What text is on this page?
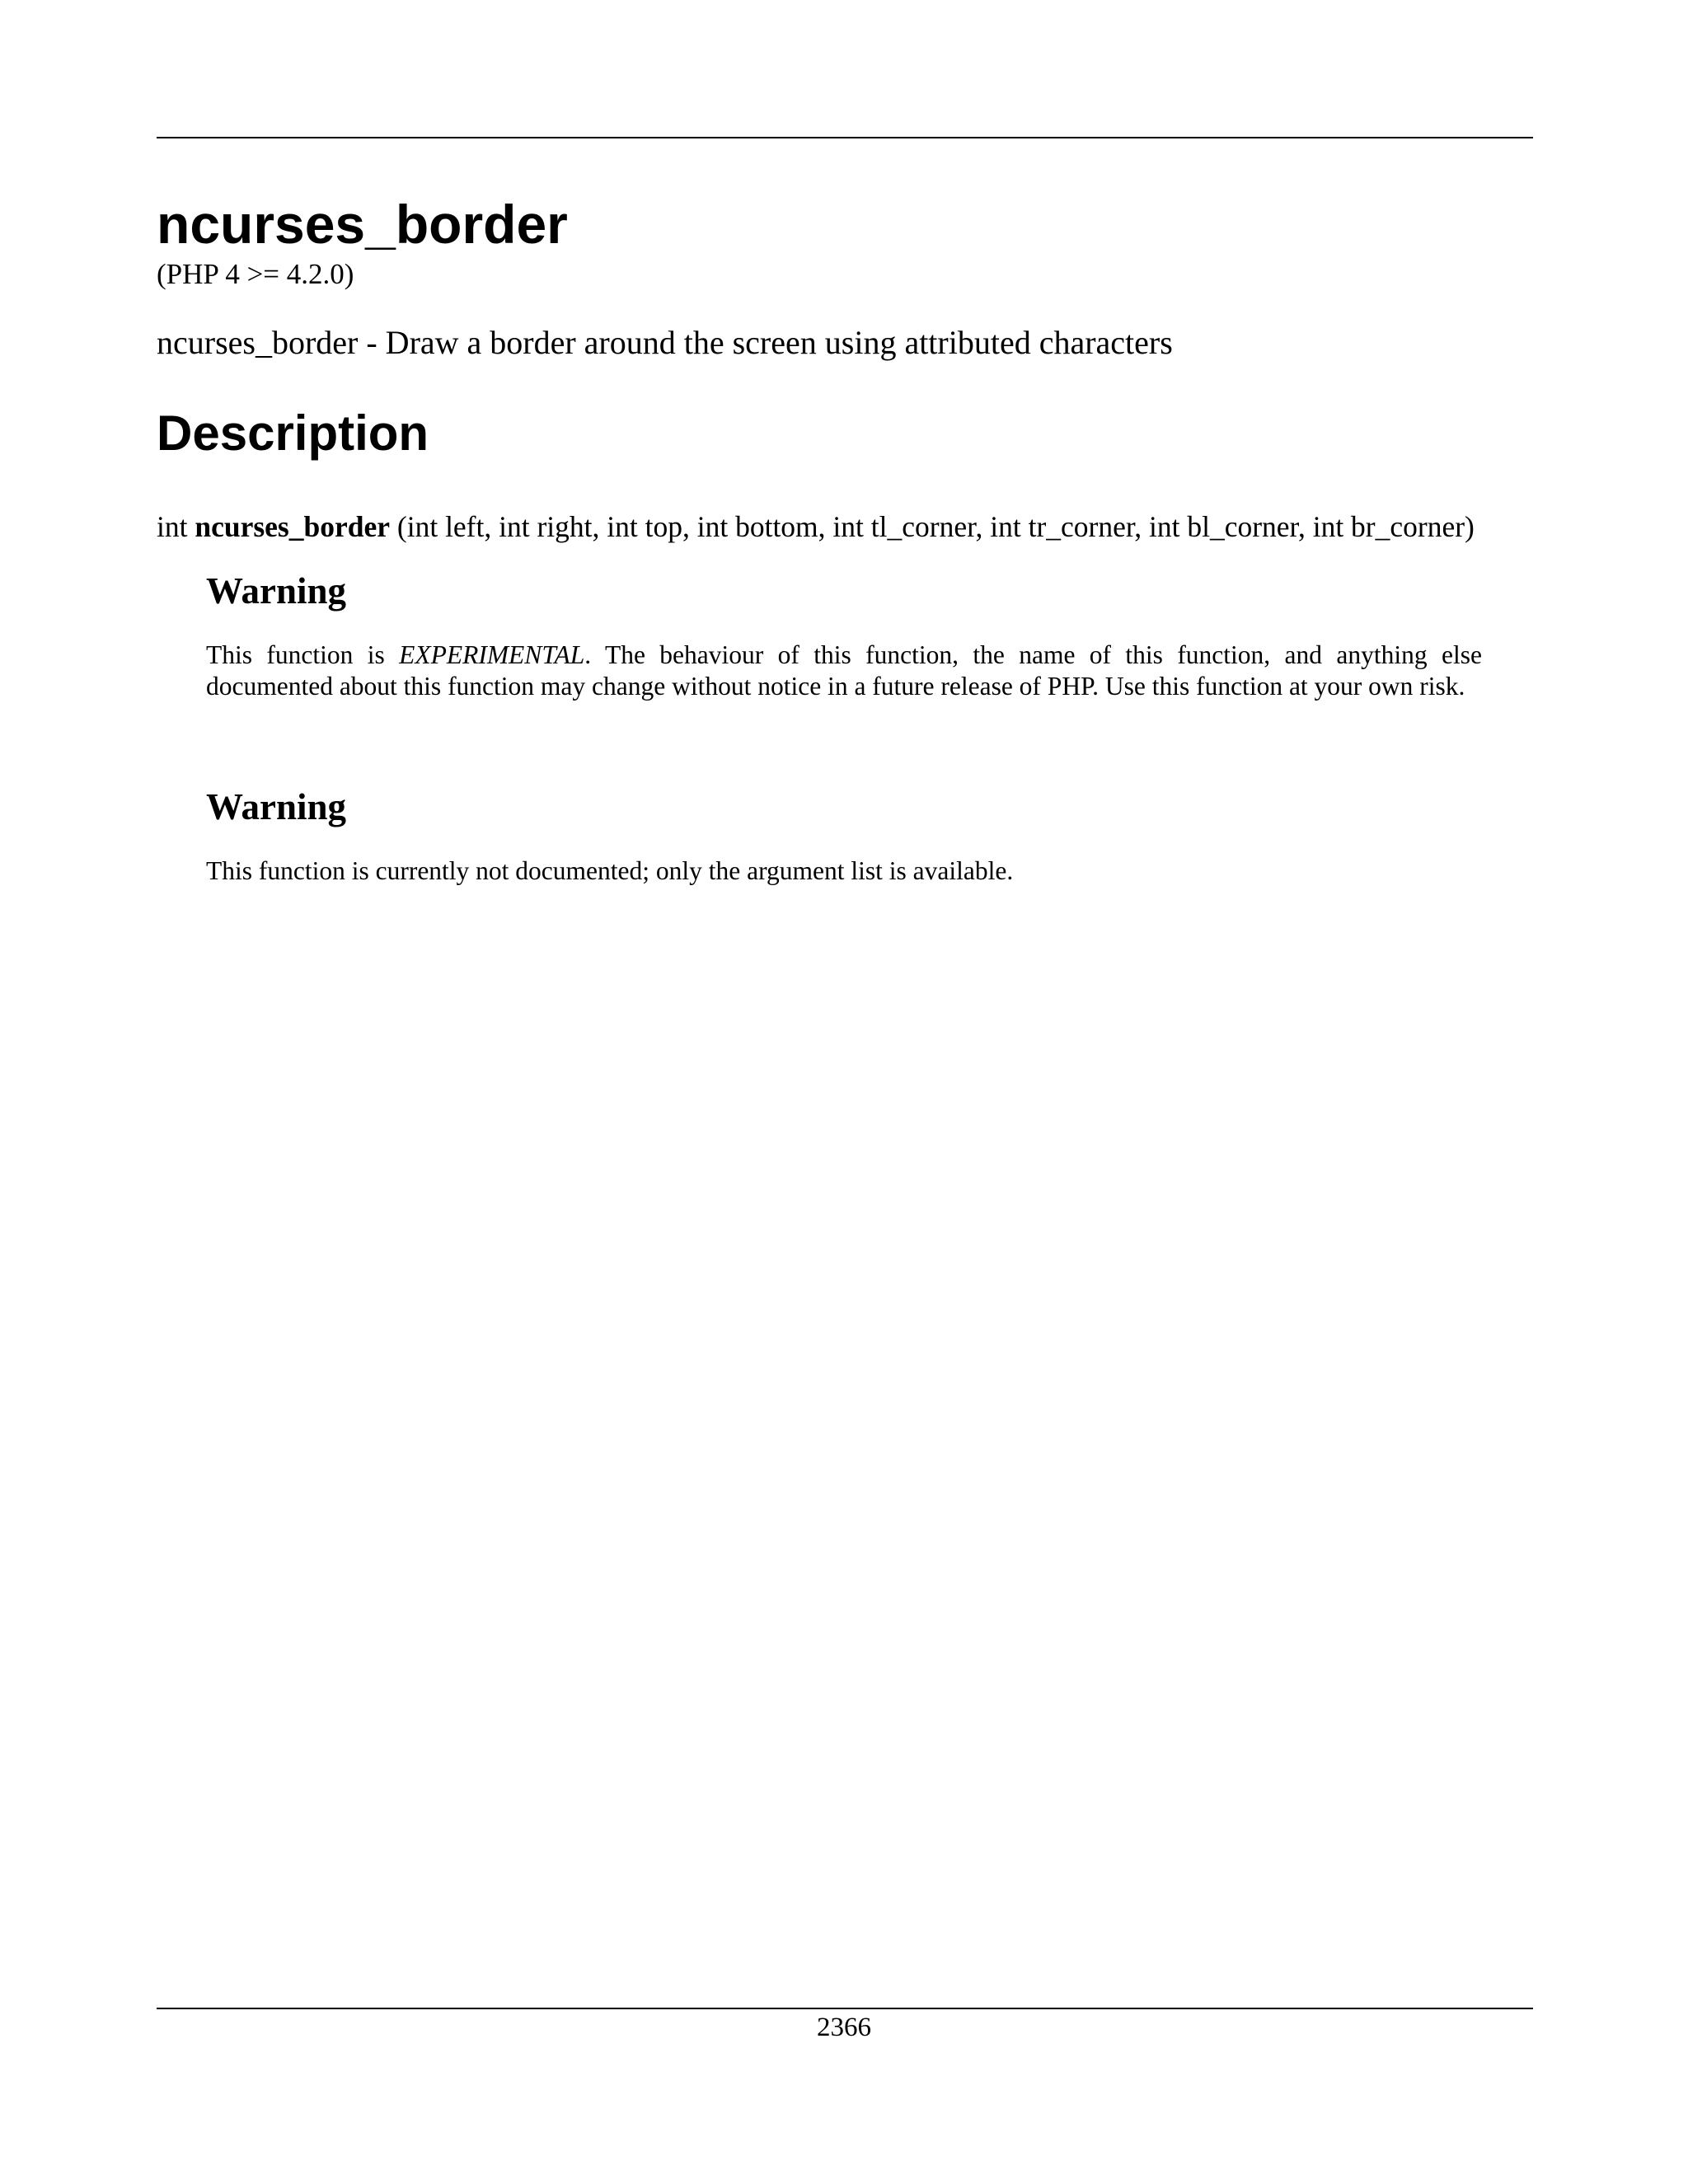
ncurses_border
(PHP 4 >= 4.2.0)
ncurses_border - Draw a border around the screen using attributed characters
Description
int ncurses_border (int left, int right, int top, int bottom, int tl_corner, int tr_corner, int bl_corner, int br_corner)
Warning

This function is EXPERIMENTAL. The behaviour of this function, the name of this function, and anything else documented about this function may change without notice in a future release of PHP. Use this function at your own risk.

Warning

This function is currently not documented; only the argument list is available.

2366
